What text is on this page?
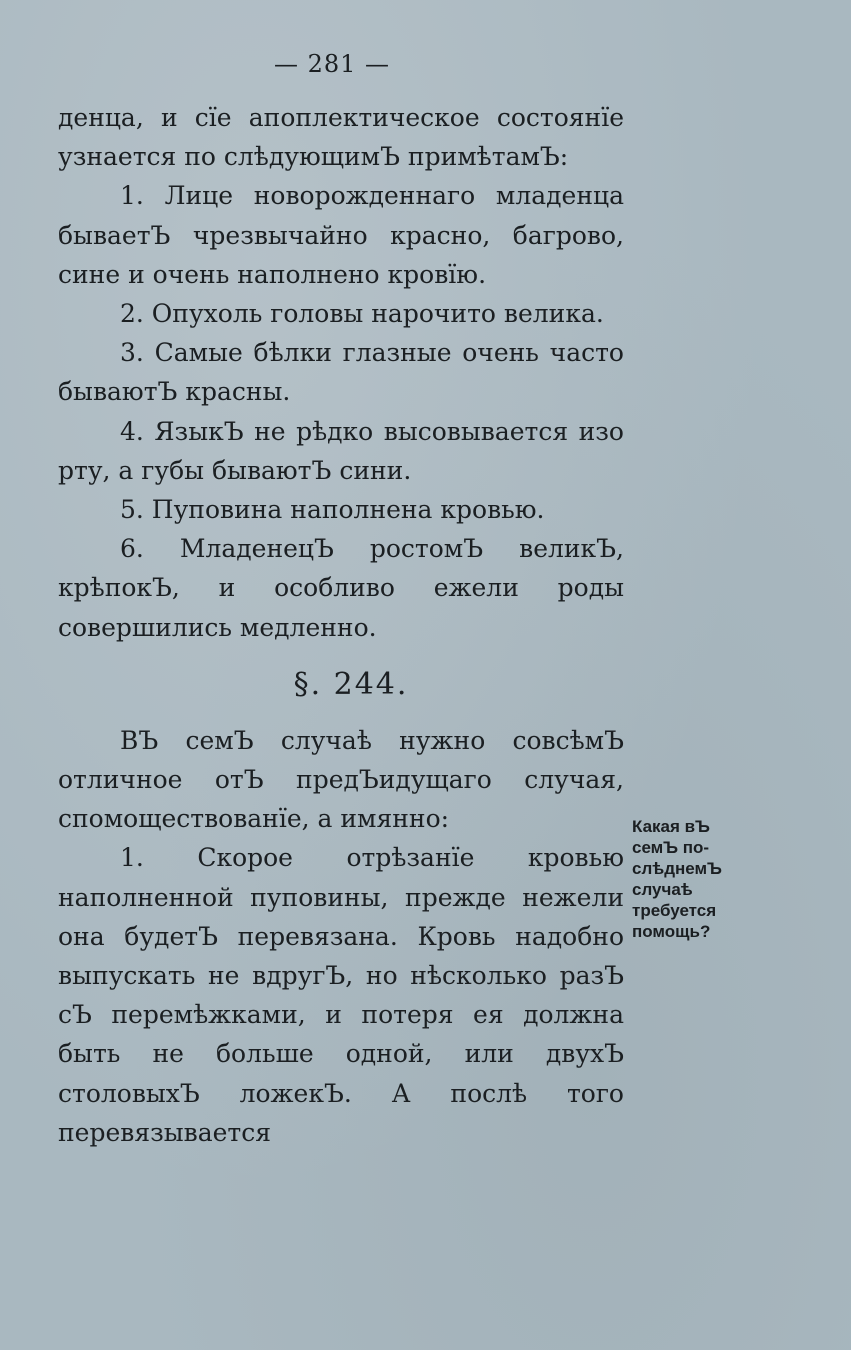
— 281 —

денца, и сїе апоплектическое состоянїе узнается по слѣдующимЪ примѣтамЪ:

1. Лице новорожденнаго младенца бываетЪ чрезвычайно красно, багрово, сине и очень наполнено кровїю.

2. Опухоль головы нарочито велика.

3. Самые бѣлки глазные очень часто бываютЪ красны.

4. ЯзыкЪ не рѣдко высовывается изо рту, а губы бываютЪ сини.

5. Пуповина наполнена кровью.

6. МладенецЪ ростомЪ великЪ, крѣпокЪ, и особливо ежели роды совершились медленно.

§. 244.

ВЪ семЪ случаѣ нужно совсѣмЪ отличное отЪ предЪидущаго случая, спомоществованїе, а имянно:

1. Скорое отрѣзанїе кровью наполненной пуповины, прежде нежели она будетЪ перевязана. Кровь надобно выпускать не вдругЪ, но нѣсколько разЪ сЪ перемѣжками, и потеря ея должна быть не больше одной, или двухЪ столовыхЪ ложекЪ. А послѣ того перевязывается

Какая вЪ
семЪ по-
слѣднемЪ
случаѣ
требуется
помощь?
